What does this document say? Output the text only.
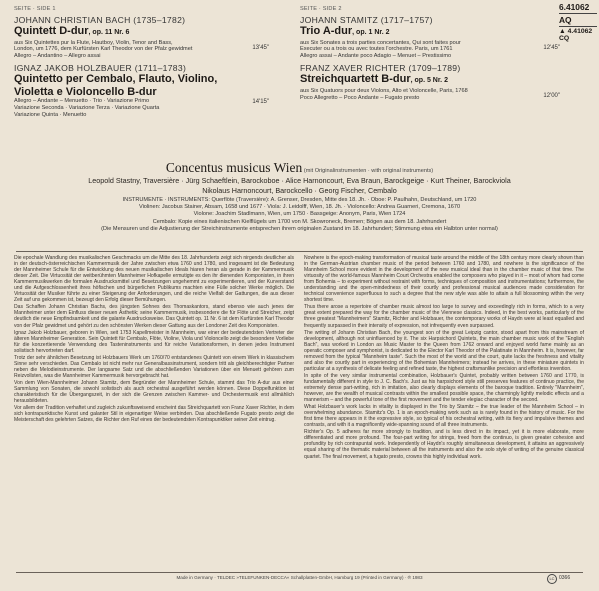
SEITE · SIDE 1
JOHANN CHRISTIAN BACH (1735–1782)
Quintett D-dur, op. 11 Nr. 6
13'45"
aus Six Quintettes pur la Flute, Hautboy, Violin, Tenor and Bass,
London, um 1776, dem Kurfürsten Karl Theodor von der Pfalz gewidmet
Allegro – Andantino – Allegro assai
IGNAZ JAKOB HOLZBAUER (1711–1783)
Quintetto per Cembalo, Flauto, Violino,
Violetta e Violoncello B-dur
14'15"
Allegro – Andante – Menuetto · Trio · Variazione Primo
Variazione Seconda · Variazione Terza · Variazione Quarta
Variazione Quinta · Menuetto
SEITE · SIDE 2
JOHANN STAMITZ (1717–1757)
Trio A-dur, op. 1 Nr. 2
12'45"
aus Six Sonates a trois parties concertantes, Qui sont faites pour
Executer ou a trois ou avec toutes l'orchestre. Paris, um 1761
Allegro assai – Andante poco Adagio – Menuet – Prestissimo
FRANZ XAVER RICHTER (1709–1789)
Streichquartett B-dur, op. 5 Nr. 2
12'00"
aus Six Quatuors pour deux Violons, Alto et Violoncelle, Paris, 1768
Poco Allegretto – Poco Andante – Fugato presto
6.41062
AQ
▲ 4.41062 CQ
Concentus musicus Wien (mit Originalinstrumenten · with original instruments)
Leopold Stastny, Traversière · Jürg Schaeftlein, Barockoboe · Alice Harnoncourt, Eva Braun, Barockgeige · Kurt Theiner, Barockviola
Nikolaus Harnoncourt, Barockcello · Georg Fischer, Cembalo
INSTRUMENTE · INSTRUMENTS: Querflöte (Traversière): A. Grenser, Dresden, Mitte des 18. Jh. · Oboe: P. Paulhahn, Deutschland, um 1720
Violinen: Jacobus Stainer, Absam, 1658 und 1677 · Viola: J. Leidolff, Wien, 18. Jh. · Violoncello: Andrea Guarneri, Cremona, 1670
Violone: Joachim Stadlmann, Wien, um 1750 · Bassgeige: Anonym, Paris, Wien 1724
Cembalo: Kopie eines italienischen Kielflügels um 1700 von M. Skowroneck, Bremen; Bögen aus dem 18. Jahrhundert
(Die Mensuren und die Adjustierung der Streichinstrumente entsprechen ihrem originalen Zustand im 18. Jahrhundert; Stimmung etwa ein Halbton unter normal)

Die epochale Wandlung des musikalischen Geschmacks um die Mitte des 18. Jahrhunderts zeigt sich nirgends deutlicher als in der deutsch-österreichischen Kammermusik der Jahre zwischen etwa 1760 und 1780, und insgesamt ist die Bedeutung der Mannheimer Schule für die Entwicklung des neuen musikalischen Ideals hiaren heran als gerade in der Kammermusik dieser Zeit. Die Virtuosität der weitberühmten Mannheimer Hofkapelle ermutigte es den ihr dienenden Komponisten, in ihren Kammermusikwerken die formalen Ausdrucksmittel und Besetzungen ungehemmt zu experimentieren, und der Kurverstand und die Aufgeschlossenheit ihres höfischen und bürgerlichen Publikums machten eine Fülle solcher Werke möglich. Die Virtuosität der Musiker führte zu einer Steigerung der Anforderungen, und die reiche Vielfalt der Gattungen, die aus dieser Zeit auf uns gekommen ist, bezeugt den Erfolg dieser Bemühungen.

Das Schaffen Johann Christian Bachs, des jüngsten Sohnes des Thomaskantors, stand ebenso wie auch jenes der Mannheimer unter dem Einfluss dieser neuen Ästhetik; seine Kammermusik, insbesondere die für Flöte und Streicher, zeigt deutlich die neue Empfindsamkeit und die galante Ausdrucksweise. Das Quintett op. 11 Nr. 6 ist dem Kurfürsten Karl Theodor von der Pfalz gewidmet und gehört zu den schönsten Werken dieser Gattung aus der Londoner Zeit des Komponisten.

Ignaz Jakob Holzbauer, geboren in Wien, seit 1753 Kapellmeister in Mannheim, war einer der bedeutendsten Vertreter der älteren Mannheimer Generation. Sein Quintett für Cembalo, Flöte, Violine, Viola und Violoncello zeigt die besondere Vorliebe für die konzertierende Verwendung des Tasteninstruments und für reiche Variationsformen, in denen jedes Instrument solistisch hervortreten darf.

Trotz der sehr ähnlichen Besetzung ist Holzbauers Werk um 1760/70 entstandenes Quintett von einem Werk in klassischem Sinne sehr verschieden. Das Cembalo ist nicht mehr nur Generalbassinstrument, sondern tritt als gleichberechtigter Partner neben die Melodieinstrumente. Der langsame Satz und die abschließenden Variationen über ein Menuett gehören zum Reizvollsten, was die Mannheimer Kammermusik hervorgebracht hat.

Von dem Wien-Mannheimer Johann Stamitz, dem Begründer der Mannheimer Schule, stammt das Trio A-dur aus einer Sammlung von Sonaten, die sowohl solistisch als auch orchestral ausgeführt werden können. Diese Doppelfunktion ist charakteristisch für die Übergangszeit, in der sich die Grenzen zwischen Kammer- und Orchestermusik erst allmählich herausbildeten.

Vor allem der Tradition verhaftet und zugleich zukunftsweisend erscheint das Streichquartett von Franz Xaver Richter, in dem sich kontrapunktische Kunst und galanter Stil in eigenartiger Weise verbinden. Das abschließende Fugato presto zeigt die Meisterschaft des gelehrten Satzes, die Richter den Ruf eines der bedeutendsten Kontrapunktiker seiner Zeit eintrug.

Nowhere is the epoch-making transformation of musical taste around the middle of the 18th century more clearly shown than in the German-Austrian chamber music of the period between 1760 and 1780, and nowhere is the significance of the Mannheim School more evident in the development of the new musical ideal than in the chamber music of that time. The virtuosity of the world-famous Mannheim Court Orchestra enabled the composers who played in it – most of whom had come from Bohemia – to experiment without restraint with forms, techniques of composition and instrumentations; furthermore, the understanding and the open-mindedness of their courtly and professional musical audiences made consideration for technical convenience superfluous to such a degree that the new style was able to attain a full blossoming within the very shortest time.

Thus there arose a repertoire of chamber music almost too large to survey and exceedingly rich in forms, which to a very great extent prepared the way for the chamber music of the Viennese classics. Indeed, in the best works, particularly of the three greatest "Mannheimers" Stamitz, Richter and Holzbauer, the contemporary works of Haydn were at least equalled and frequently surpassed in their intensity of expression, not infrequently even surpassed.

The writing of Johann Christian Bach, the youngest son of the great Leipzig cantor, stood apart from this mainstream of development, although not uninfluenced by it. The six Harpsichord Quintets, the main chamber music work of the "English Bach", was worked in London as Music Master to the Queen from 1762 onward and enjoyed world fame mainly as an operatic composer and symphonist, is dedicated to the Elector Karl Theodor of the Palatinate in Mannheim. It is, however, far removed from the typical "Mannheim taste". Such the most of the world and the court, quite lacks the freshness and vitality and also the courtly part in experiencing of the Bohemian Mannheimers; instead he arrives, in these miniature quintets in particular at a synthesis of delicate feeling and refined taste, the highest craftsmanlike precision and effortless invention.

In spite of the very similar instrumental combination, Holzbauer's Quintet, probably written between 1760 and 1770, is fundamentally different in style to J. C. Bach's. Just as his harpsichord style still preserves features of continuo practice, the extremely dense part-writing, rich in imitation, also clearly displays elements of the baroque tradition. Entirely "Mannheim", however, are the wealth of musical contrasts within the smallest possible space, the charmingly lightly melodic effects and a mannerism – and the powerful tone of the first movement and the tender elegiac character of the second.

What Holzbauer's work lacks in vitality is displayed in the Trio by Stamitz – the true leader of the Mannheim School – in overwhelming abundance. Stamitz's Op. 1 is an epoch-making work such as is rarely found in the history of music. For the first time there appears in it the expressive style, so typical of his orchestral writing, with its fiery and impulsive themes and contrasts, and with it a magnificently wide-spanning sound of all three instruments.

Richter's Op. 5 adheres far more strongly to tradition, and is less direct in its impact, yet it is more elaborate, more differentiated and more profound. The four-part writing for strings, freed from the continuo, is given greater cohesion and profundity by rich contrapuntal work. Independently of Haydn's roughly simultaneous development, it attains an aggressively equal sharing of the thematic material between all the instruments and also the solo style of writing of the genuine classical quartet. The final movement, a fugato presto, crowns this highly individual work.

Made in Germany · TELDEC »TELEFUNKEN-DECCA« Schallplatten-GmbH, Hamburg 19 (Printed in Germany) · ℗ 1983	LC 0366
